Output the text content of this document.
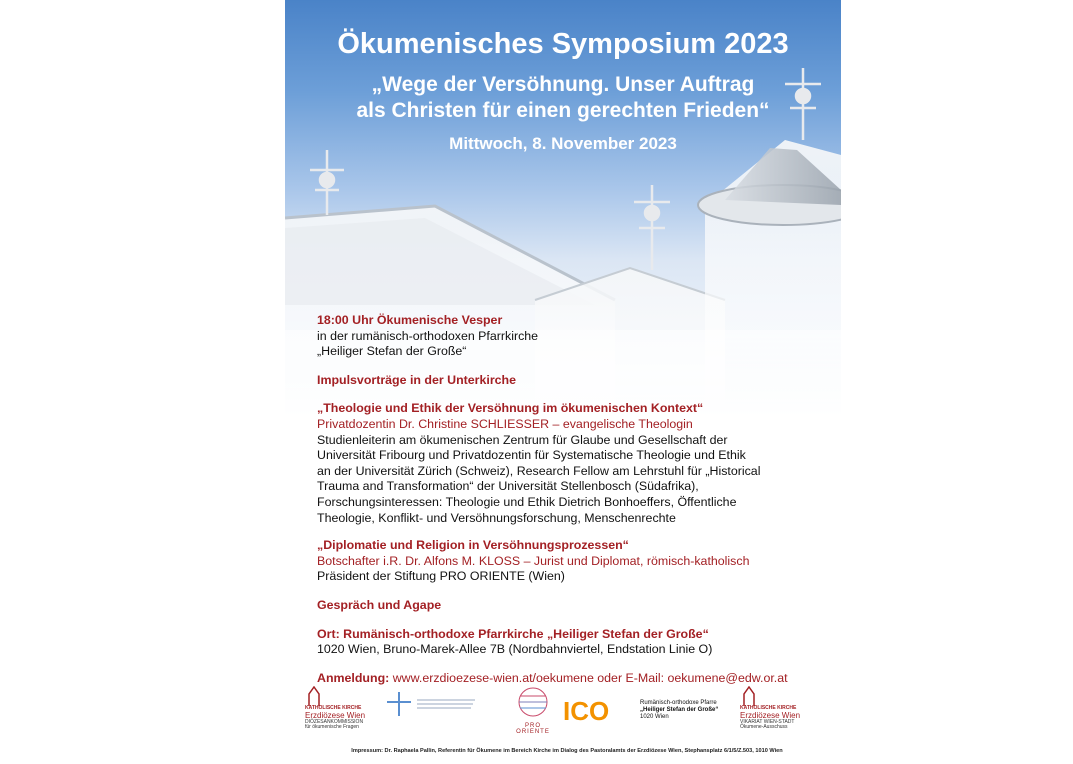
Ökumenisches Symposium 2023
„Wege der Versöhnung. Unser Auftrag
als Christen für einen gerechten Frieden“
Mittwoch, 8. November 2023

18:00 Uhr Ökumenische Vesper

in der rumänisch-orthodoxen Pfarrkirche

„Heiliger Stefan der Große“

Impulsvorträge in der Unterkirche

„Theologie und Ethik der Versöhnung im ökumenischen Kontext“

Privatdozentin Dr. Christine SCHLIESSER – evangelische Theologin

Studienleiterin am ökumenischen Zentrum für Glaube und Gesellschaft der

Universität Fribourg und Privatdozentin für Systematische Theologie und Ethik

an der Universität Zürich (Schweiz), Research Fellow am Lehrstuhl für „Historical

Trauma and Transformation“ der Universität Stellenbosch (Südafrika),

Forschungsinteressen: Theologie und Ethik Dietrich Bonhoeffers, Öffentliche

Theologie, Konflikt- und Versöhnungsforschung, Menschenrechte

„Diplomatie und Religion in Versöhnungsprozessen“

Botschafter i.R. Dr. Alfons M. KLOSS – Jurist und Diplomat, römisch-katholisch

Präsident der Stiftung PRO ORIENTE (Wien)

Gespräch und Agape

Ort: Rumänisch-orthodoxe Pfarrkirche „Heiliger Stefan der Große“

1020 Wien, Bruno-Marek-Allee 7B (Nordbahnviertel, Endstation Linie O)

Anmeldung: www.erzdioezese-wien.at/oekumene oder E-Mail: oekumene@edw.or.at

KATHOLISCHE KIRCHE
Erzdiözese Wien
DIÖZESANKOMMISSION
für ökumenische Fragen	PRO ORIENTE
ICO	Rumänisch-orthodoxe Pfarre
„Heiliger Stefan der Große“
1020 Wien
KATHOLISCHE KIRCHE
Erzdiözese Wien
VIKARIAT WIEN-STADT
Ökumene-Ausschuss
Impressum: Dr. Raphaela Pallin, Referentin für Ökumene im Bereich Kirche im Dialog des Pastoralamts der Erzdiözese Wien, Stephansplatz 6/1/5/Z.503, 1010 Wien
